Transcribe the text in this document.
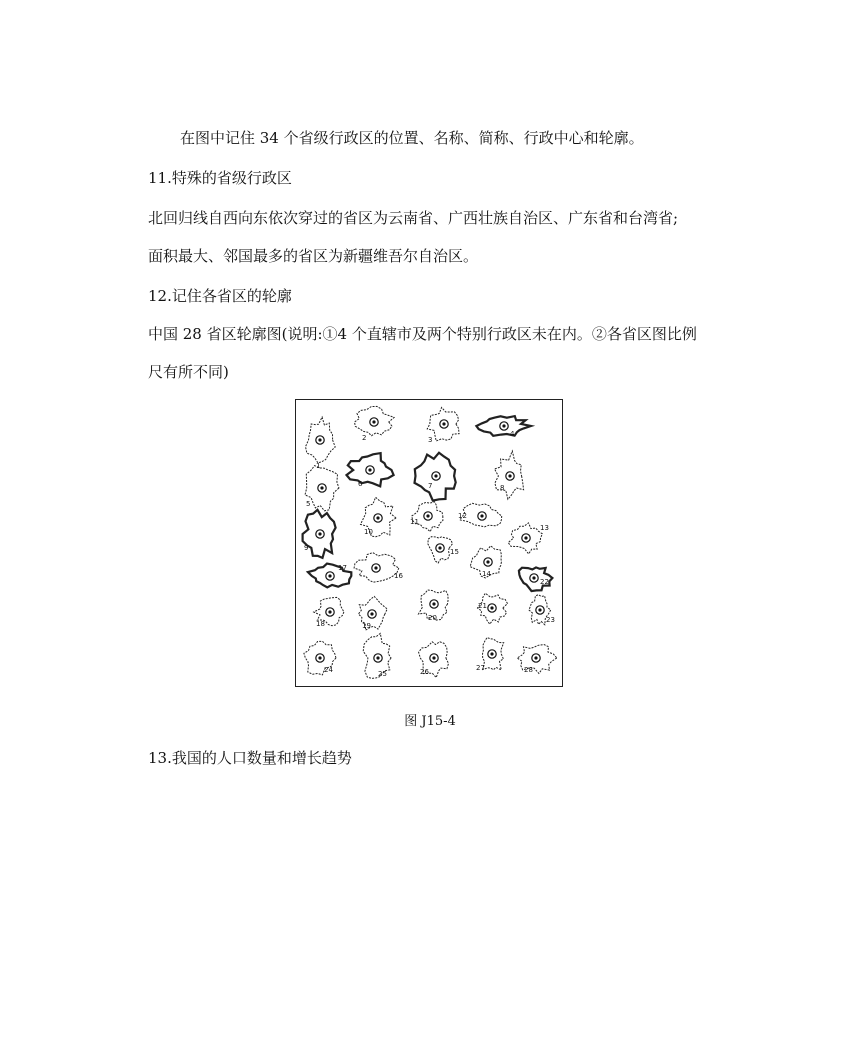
在图中记住 34 个省级行政区的位置、名称、简称、行政中心和轮廓。
11.特殊的省级行政区
北回归线自西向东依次穿过的省区为云南省、广西壮族自治区、广东省和台湾省;
面积最大、邻国最多的省区为新疆维吾尔自治区。
12.记住各省区的轮廓
中国 28 省区轮廓图(说明:①4 个直辖市及两个特别行政区未在内。②各省区图比例
尺有所不同)
1
2	3
4
5
6	7	8
9
10
11
12
13
14
15
16
17
18	19
20
21
22
23
24	25	26	27	28
图 J15-4
13.我国的人口数量和增长趋势
